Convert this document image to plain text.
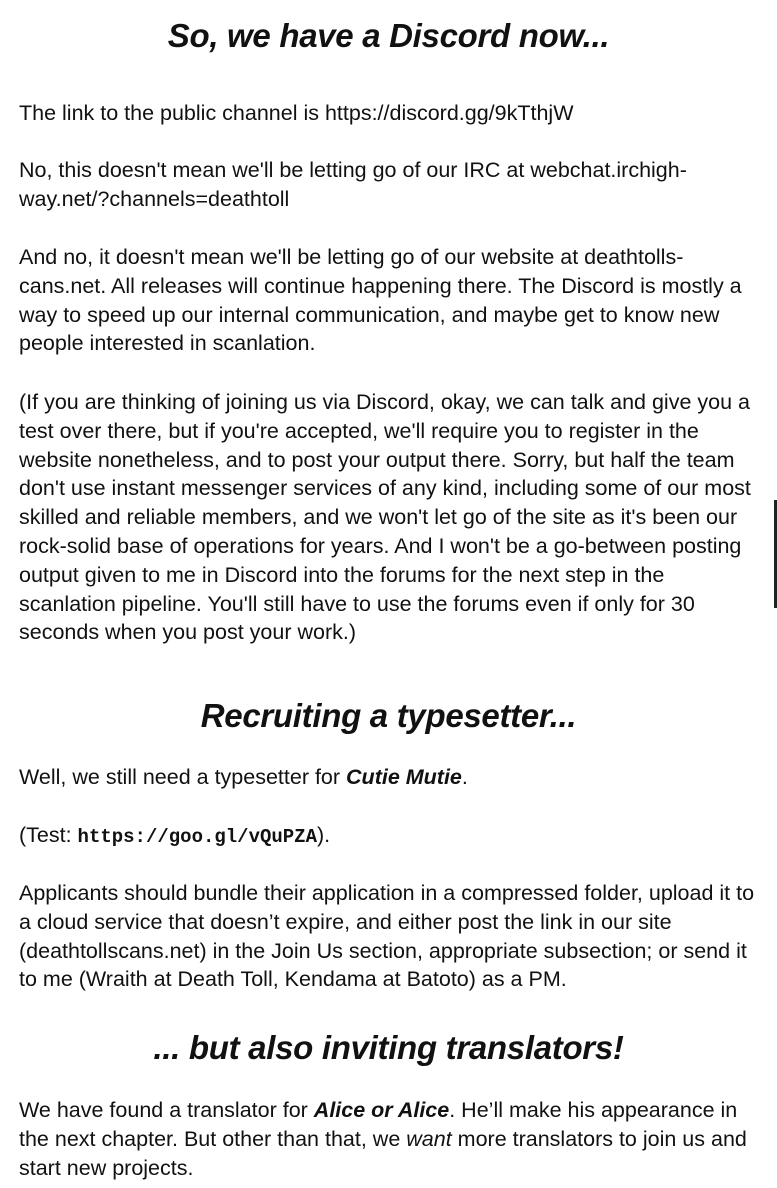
So, we have a Discord now...

The link to the public channel is https://discord.gg/9kTthjW

No, this doesn't mean we'll be letting go of our IRC at webchat.irchigh-way.net/?channels=deathtoll

And no, it doesn't mean we'll be letting go of our website at deathtolls-cans.net. All releases will continue happening there. The Discord is mostly a way to speed up our internal communication, and maybe get to know new people interested in scanlation.

(If you are thinking of joining us via Discord, okay, we can talk and give you a test over there, but if you're accepted, we'll require you to register in the website nonetheless, and to post your output there. Sorry, but half the team don't use instant messenger services of any kind, including some of our most skilled and reliable members, and we won't let go of the site as it's been our rock-solid base of operations for years. And I won't be a go-between posting output given to me in Discord into the forums for the next step in the scanlation pipeline. You'll still have to use the forums even if only for 30 seconds when you post your work.)

Recruiting a typesetter...

Well, we still need a typesetter for Cutie Mutie.

(Test: https://goo.gl/vQuPZA).

Applicants should bundle their application in a compressed folder, upload it to a cloud service that doesn’t expire, and either post the link in our site (deathtollscans.net) in the Join Us section, appropriate subsection; or send it to me (Wraith at Death Toll, Kendama at Batoto) as a PM.

... but also inviting translators!

We have found a translator for Alice or Alice. He’ll make his appearance in the next chapter. But other than that, we want more translators to join us and start new projects.
